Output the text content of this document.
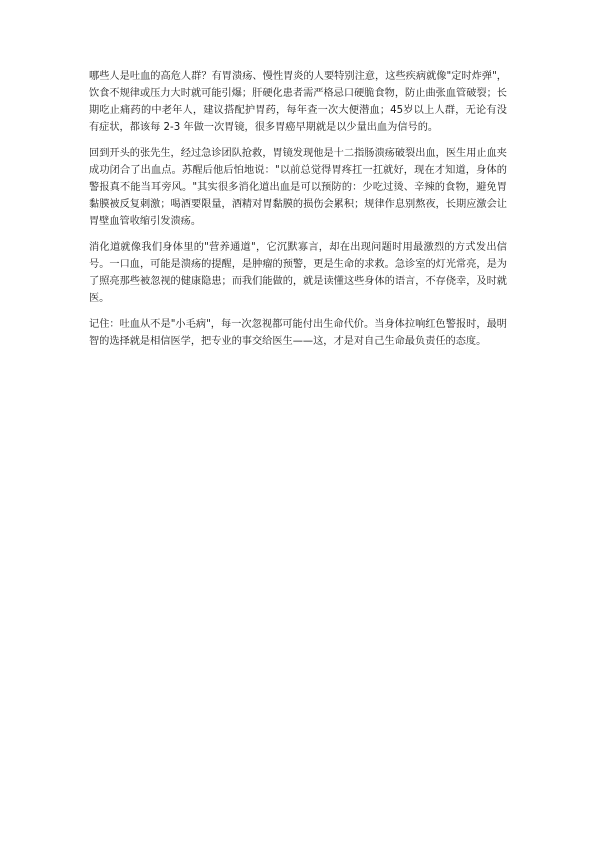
哪些人是吐血的高危人群？有胃溃疡、慢性胃炎的人要特别注意，这些疾病就像"定时炸弹"，饮食不规律或压力大时就可能引爆；肝硬化患者需严格忌口硬脆食物，防止曲张血管破裂；长期吃止痛药的中老年人，建议搭配护胃药，每年查一次大便潜血；45岁以上人群，无论有没有症状，都该每 2-3 年做一次胃镜，很多胃癌早期就是以少量出血为信号的。

回到开头的张先生，经过急诊团队抢救，胃镜发现他是十二指肠溃疡破裂出血，医生用止血夹成功闭合了出血点。苏醒后他后怕地说："以前总觉得胃疼扛一扛就好，现在才知道，身体的警报真不能当耳旁风。"其实很多消化道出血是可以预防的：少吃过烫、辛辣的食物，避免胃黏膜被反复刺激；喝酒要限量，酒精对胃黏膜的损伤会累积；规律作息别熬夜，长期应激会让胃壁血管收缩引发溃疡。

消化道就像我们身体里的"营养通道"，它沉默寡言，却在出现问题时用最激烈的方式发出信号。一口血，可能是溃疡的提醒，是肿瘤的预警，更是生命的求救。急诊室的灯光常亮，是为了照亮那些被忽视的健康隐患；而我们能做的，就是读懂这些身体的语言，不存侥幸，及时就医。

记住：吐血从不是"小毛病"，每一次忽视都可能付出生命代价。当身体拉响红色警报时，最明智的选择就是相信医学，把专业的事交给医生——这，才是对自己生命最负责任的态度。
